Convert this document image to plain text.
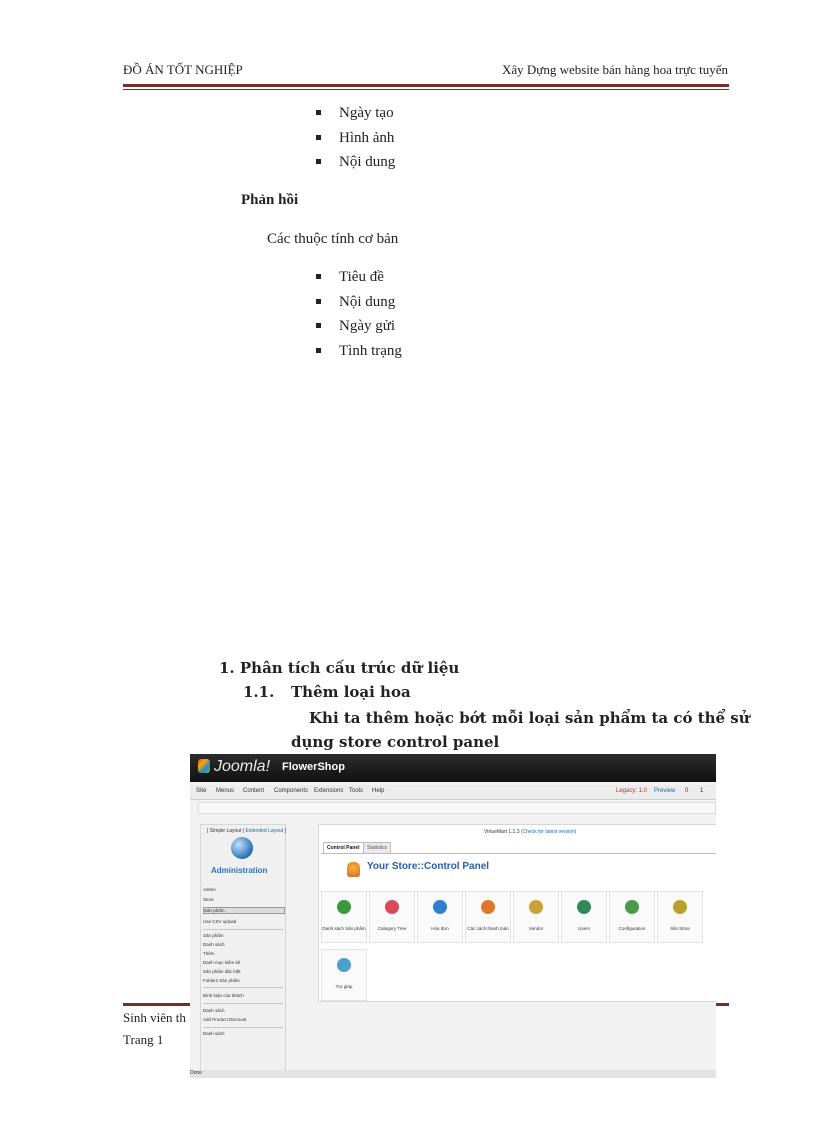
ĐỒ ÁN TỐT NGHIỆP	Xây Dựng website bán hàng hoa trực tuyến
Ngày tạo
Hình ảnh
Nội dung
Phản hồi
Các thuộc tính cơ bản
Tiêu đề
Nội dung
Ngày gửi
Tình trạng
1. Phân tích cấu trúc dữ liệu
1.1. Thêm loại hoa
Khi ta thêm hoặc bớt mỗi loại sản phẩm ta có thể sử
dụng store control panel
Sinh viên th
Trang 1
Joomla! FlowerShop
Site Menus Content Components Extensions Tools Help	Legacy: 1.0 Preview 0 1
[ Simple Layout | Extended Layout ]
Administration
Admin
Store
Sản phẩm
Use CSV upload
Sản phẩm
Danh sách
Thêm
Danh mục kiểm kê
Sản phẩm đặc biệt
Folders Sản phẩm
Bình luận của khách
Danh sách
Add Product Discount
Danh sách
VirtueMart 1.1.3 (Check for latest version)
Control Panel	Statistics
Your Store::Control Panel
Danh sách Sản phẩm	Category Tree	Hóa đơn	Các cách thanh toán	Vendor	Users	Configuration	Site Store
Trợ giúp
Done
